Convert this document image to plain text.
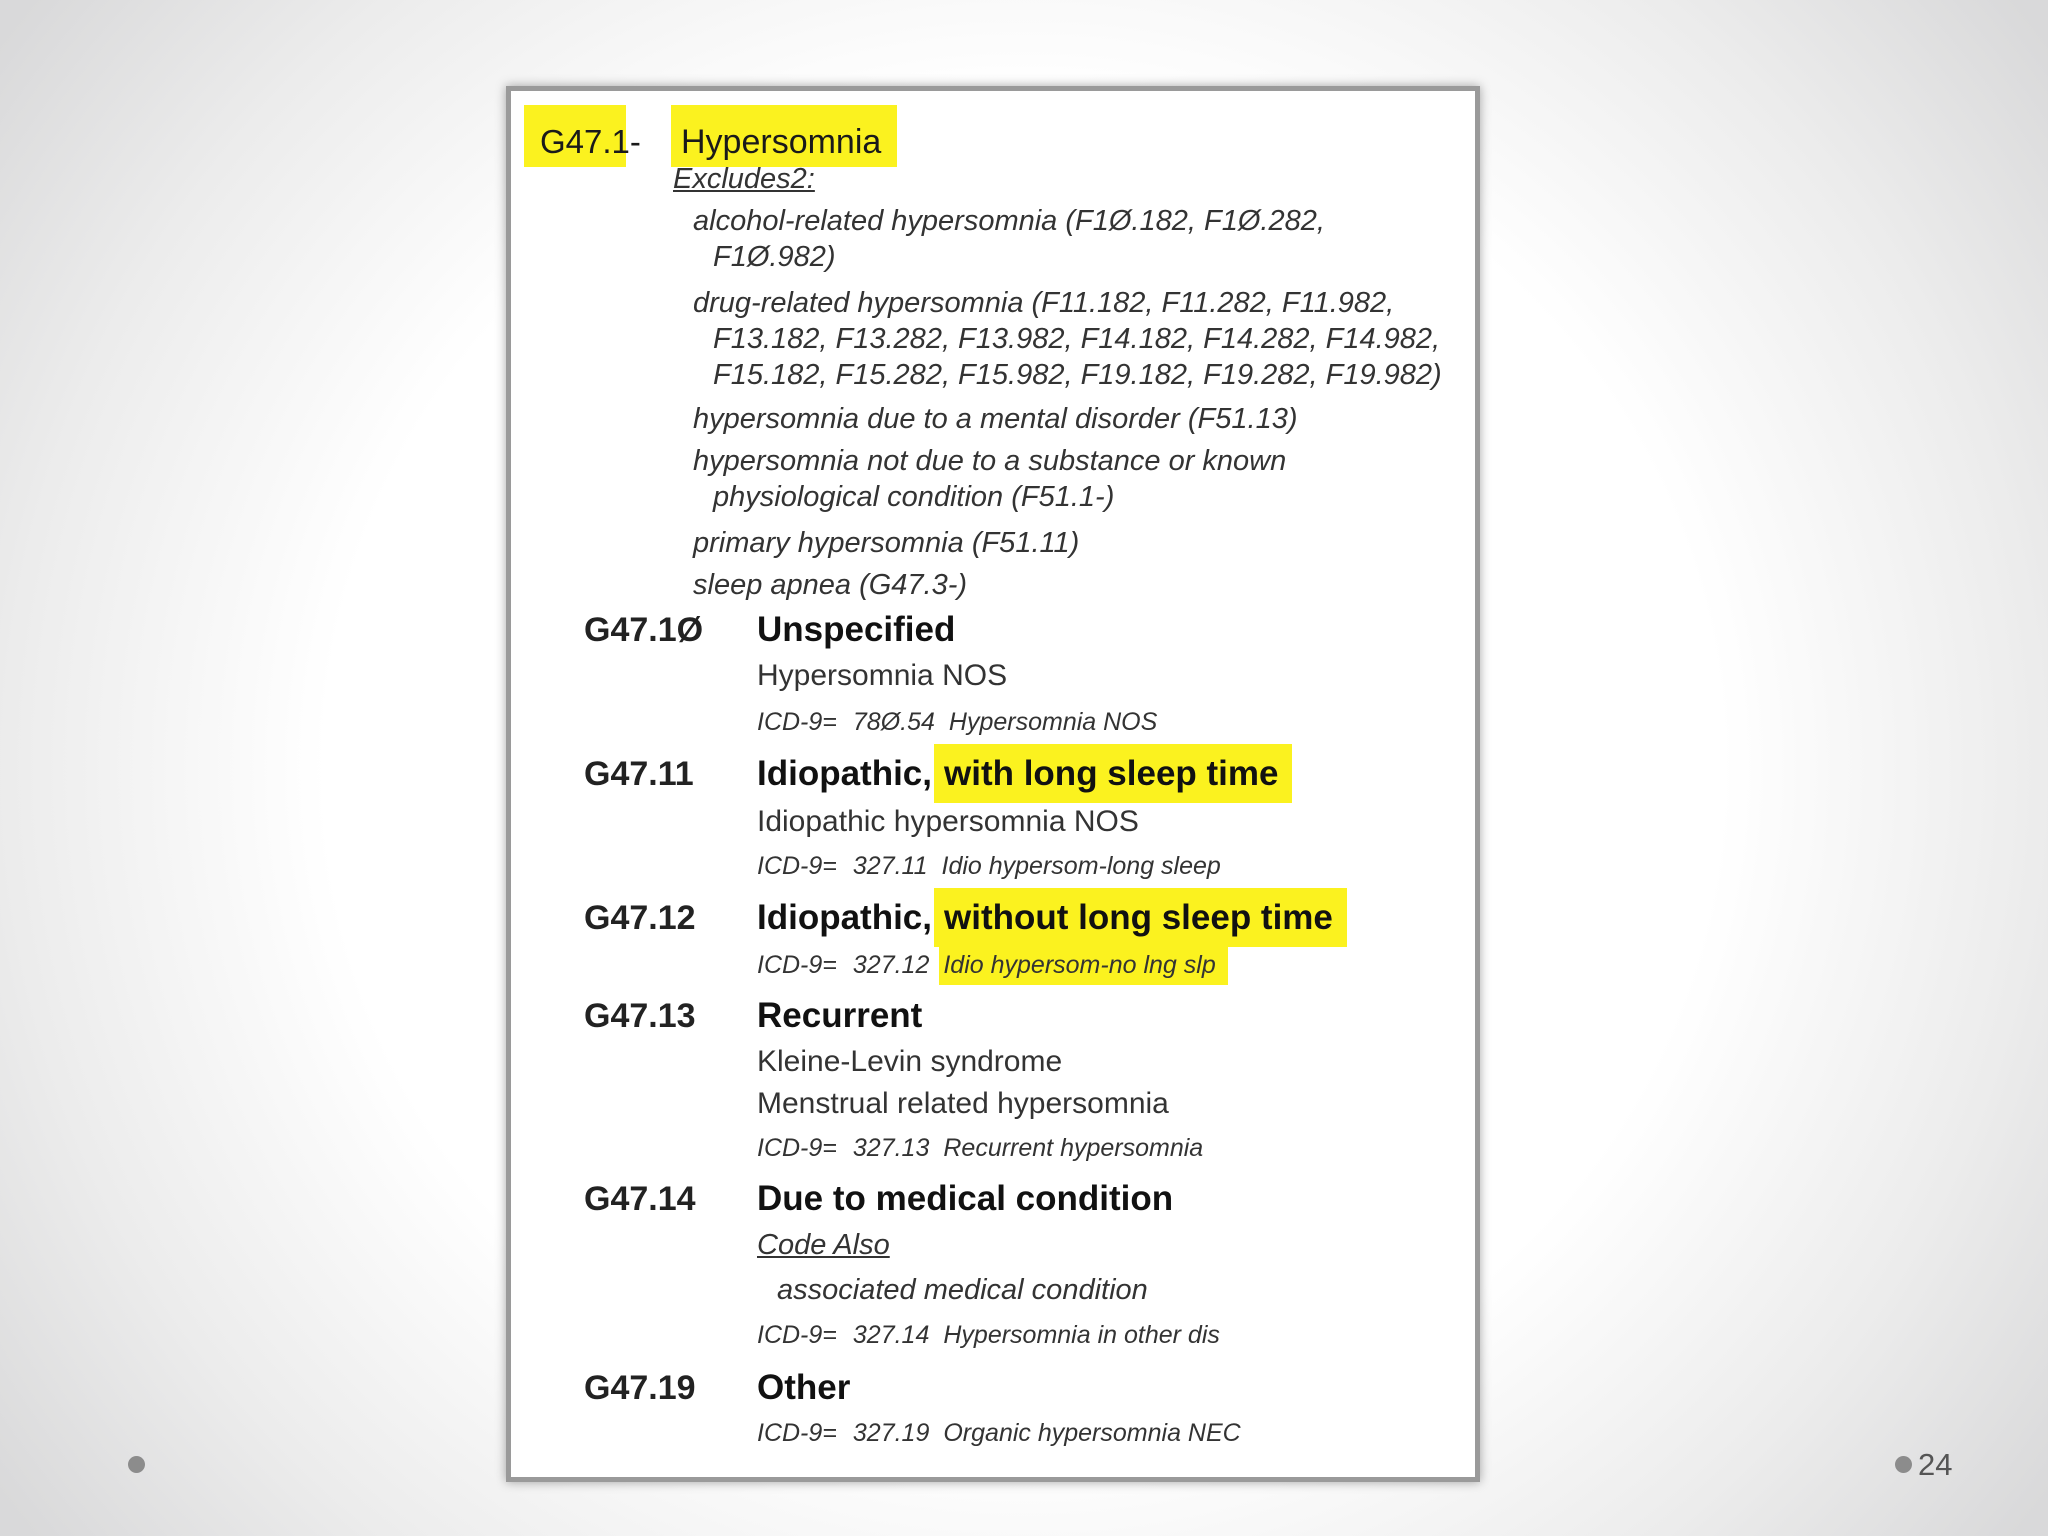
G47.1- Hypersomnia
Excludes2:
alcohol-related hypersomnia (F1Ø.182, F1Ø.282,
F1Ø.982)
drug-related hypersomnia (F11.182, F11.282, F11.982,
F13.182, F13.282, F13.982, F14.182, F14.282, F14.982,
F15.182, F15.282, F15.982, F19.182, F19.282, F19.982)
hypersomnia due to a mental disorder (F51.13)
hypersomnia not due to a substance or known
physiological condition (F51.1-)
primary hypersomnia (F51.11)
sleep apnea (G47.3-)
G47.1Ø Unspecified
Hypersomnia NOS
ICD-9= 78Ø.54 Hypersomnia NOS
G47.11 Idiopathic, with long sleep time
Idiopathic hypersomnia NOS
ICD-9= 327.11 Idio hypersom-long sleep
G47.12 Idiopathic, without long sleep time
ICD-9= 327.12 Idio hypersom-no lng slp
G47.13 Recurrent
Kleine-Levin syndrome
Menstrual related hypersomnia
ICD-9= 327.13 Recurrent hypersomnia
G47.14 Due to medical condition
Code Also
associated medical condition
ICD-9= 327.14 Hypersomnia in other dis
G47.19 Other
ICD-9= 327.19 Organic hypersomnia NEC
24
